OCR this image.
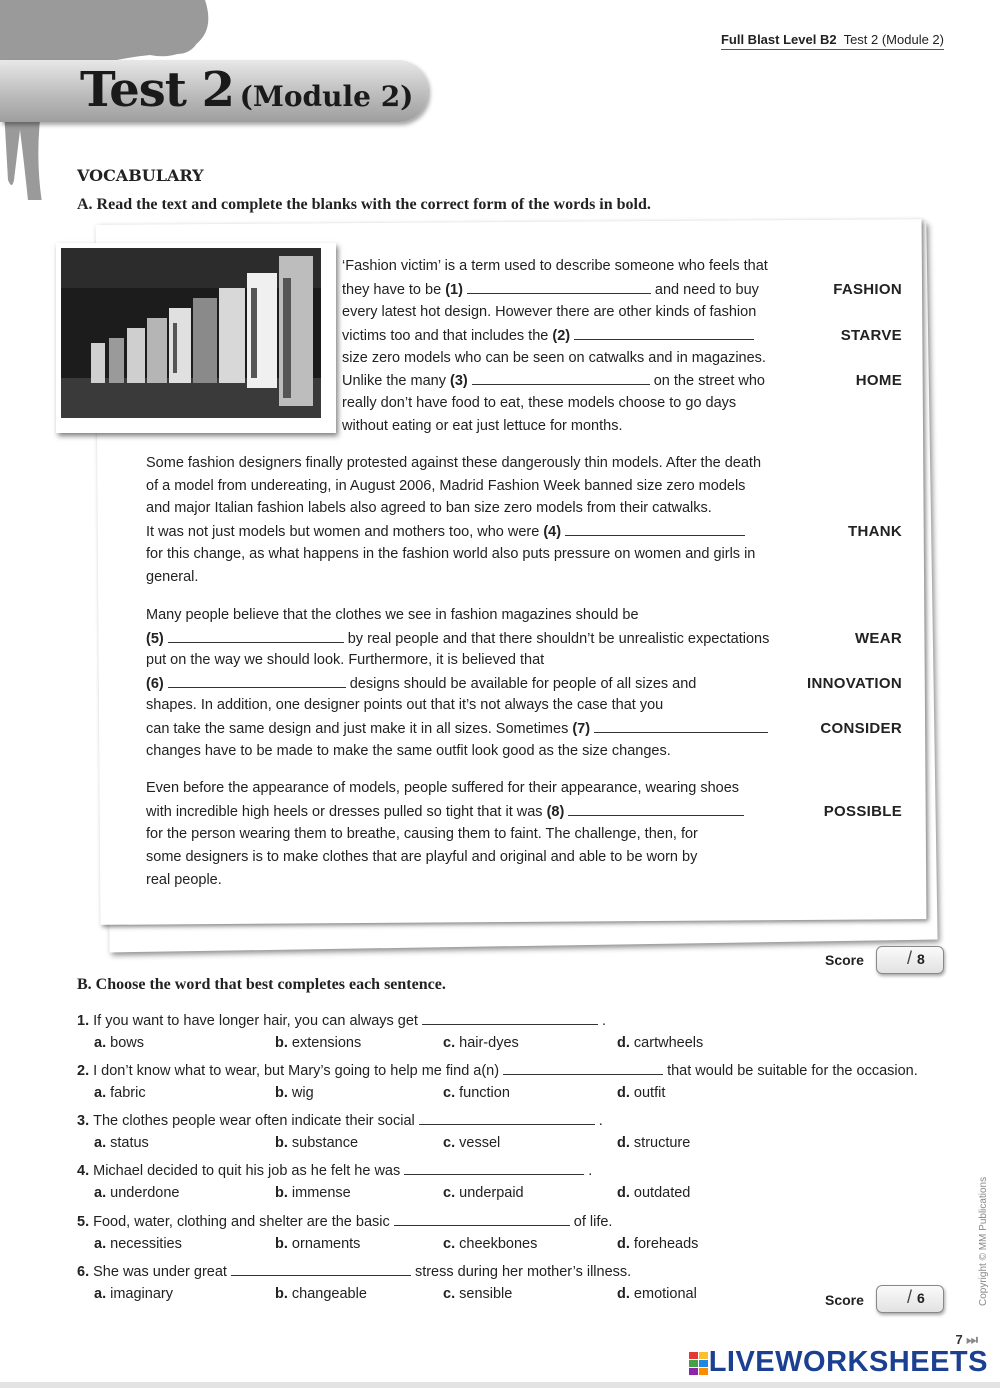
Full Blast Level B2 Test 2 (Module 2)
Test 2 (Module 2)
VOCABULARY
A. Read the text and complete the blanks with the correct form of the words in bold.
‘Fashion victim’ is a term used to describe someone who feels that
they have to be (1)	and need to buy	FASHION
every latest hot design. However there are other kinds of fashion
victims too and that includes the (2)	STARVE
size zero models who can be seen on catwalks and in magazines.
Unlike the many (3)	on the street who	HOME
really don’t have food to eat, these models choose to go days
without eating or eat just lettuce for months.
Some fashion designers finally protested against these dangerously thin models. After the death
of a model from undereating, in August 2006, Madrid Fashion Week banned size zero models
and major Italian fashion labels also agreed to ban size zero models from their catwalks.
It was not just models but women and mothers too, who were (4)	THANK
for this change, as what happens in the fashion world also puts pressure on women and girls in
general.
Many people believe that the clothes we see in fashion magazines should be
(5)	by real people and that there shouldn’t be unrealistic expectations	WEAR
put on the way we should look. Furthermore, it is believed that
(6)	designs should be available for people of all sizes and	INNOVATION
shapes. In addition, one designer points out that it’s not always the case that you
can take the same design and just make it in all sizes. Sometimes (7)	CONSIDER
changes have to be made to make the same outfit look good as the size changes.
Even before the appearance of models, people suffered for their appearance, wearing shoes
with incredible high heels or dresses pulled so tight that it was (8)	POSSIBLE
for the person wearing them to breathe, causing them to faint. The challenge, then, for
some designers is to make clothes that are playful and original and able to be worn by
real people.
Score / 8
B. Choose the word that best completes each sentence.
1. If you want to have longer hair, you can always get	.
a. bows	b. extensions	c. hair-dyes	d. cartwheels
2. I don’t know what to wear, but Mary’s going to help me find a(n)	that would be suitable for the occasion.
a. fabric	b. wig	c. function	d. outfit
3. The clothes people wear often indicate their social	.
a. status	b. substance	c. vessel	d. structure
4. Michael decided to quit his job as he felt he was	.
a. underdone	b. immense	c. underpaid	d. outdated
5. Food, water, clothing and shelter are the basic	of life.
a. necessities	b. ornaments	c. cheekbones	d. foreheads
6. She was under great	stress during her mother’s illness.
a. imaginary	b. changeable	c. sensible	d. emotional	Score / 6	Copyright © MM Publications
7 ⏭
LIVEWORKSHEETS
